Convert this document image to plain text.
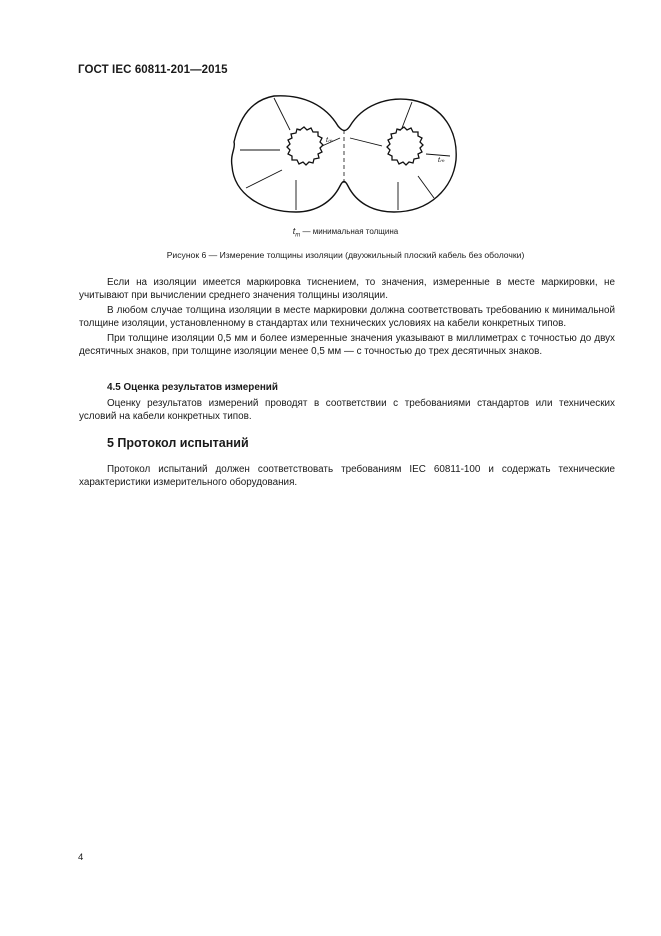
ГОСТ IEC 60811-201—2015
tₘ
tₘ
$t_m$ — минимальная толщина
Рисунок 6 — Измерение толщины изоляции (двухжильный плоский кабель без оболочки)

Если на изоляции имеется маркировка тиснением, то значения, измеренные в месте маркировки, не учитывают при вычислении среднего значения толщины изоляции.

В любом случае толщина изоляции в месте маркировки должна соответствовать требованию к минимальной толщине изоляции, установленному в стандартах или технических условиях на кабели конкретных типов.

При толщине изоляции 0,5 мм и более измеренные значения указывают в миллиметрах с точностью до двух десятичных знаков, при толщине изоляции менее 0,5 мм — с точностью до трех десятичных знаков.

4.5 Оценка результатов измерений

Оценку результатов измерений проводят в соответствии с требованиями стандартов или технических условий на кабели конкретных типов.

5 Протокол испытаний

Протокол испытаний должен соответствовать требованиям IEC 60811-100 и содержать технические характеристики измерительного оборудования.

4
